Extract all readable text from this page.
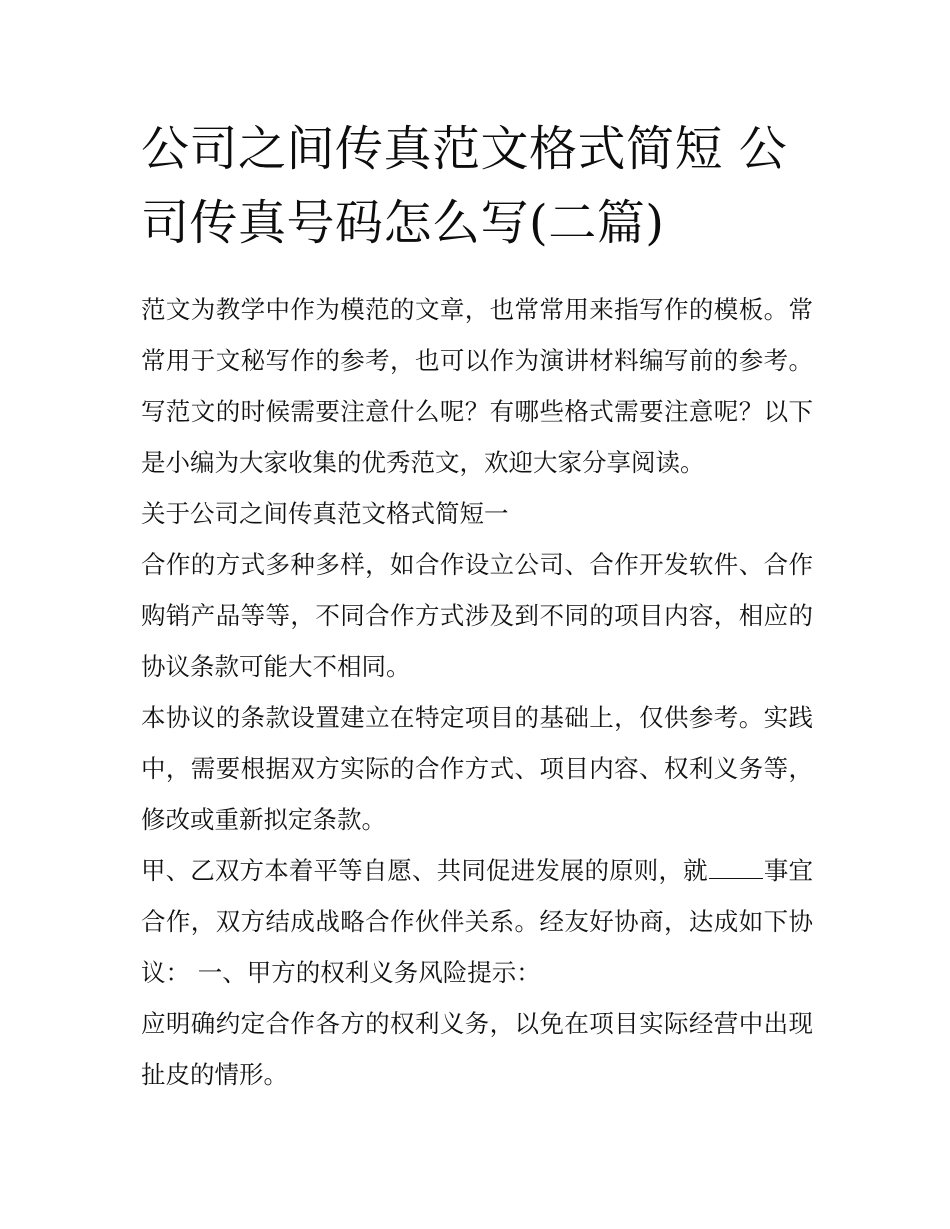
公司之间传真范文格式简短 公司传真号码怎么写(二篇)

范文为教学中作为模范的文章，也常常用来指写作的模板。常常用于文秘写作的参考，也可以作为演讲材料编写前的参考。写范文的时候需要注意什么呢？有哪些格式需要注意呢？以下是小编为大家收集的优秀范文，欢迎大家分享阅读。

关于公司之间传真范文格式简短一

合作的方式多种多样，如合作设立公司、合作开发软件、合作购销产品等等，不同合作方式涉及到不同的项目内容，相应的协议条款可能大不相同。

本协议的条款设置建立在特定项目的基础上，仅供参考。实践中，需要根据双方实际的合作方式、项目内容、权利义务等，修改或重新拟定条款。

甲、乙双方本着平等自愿、共同促进发展的原则，就 事宜合作，双方结成战略合作伙伴关系。经友好协商，达成如下协议： 一、甲方的权利义务风险提示：

应明确约定合作各方的权利义务，以免在项目实际经营中出现扯皮的情形。
